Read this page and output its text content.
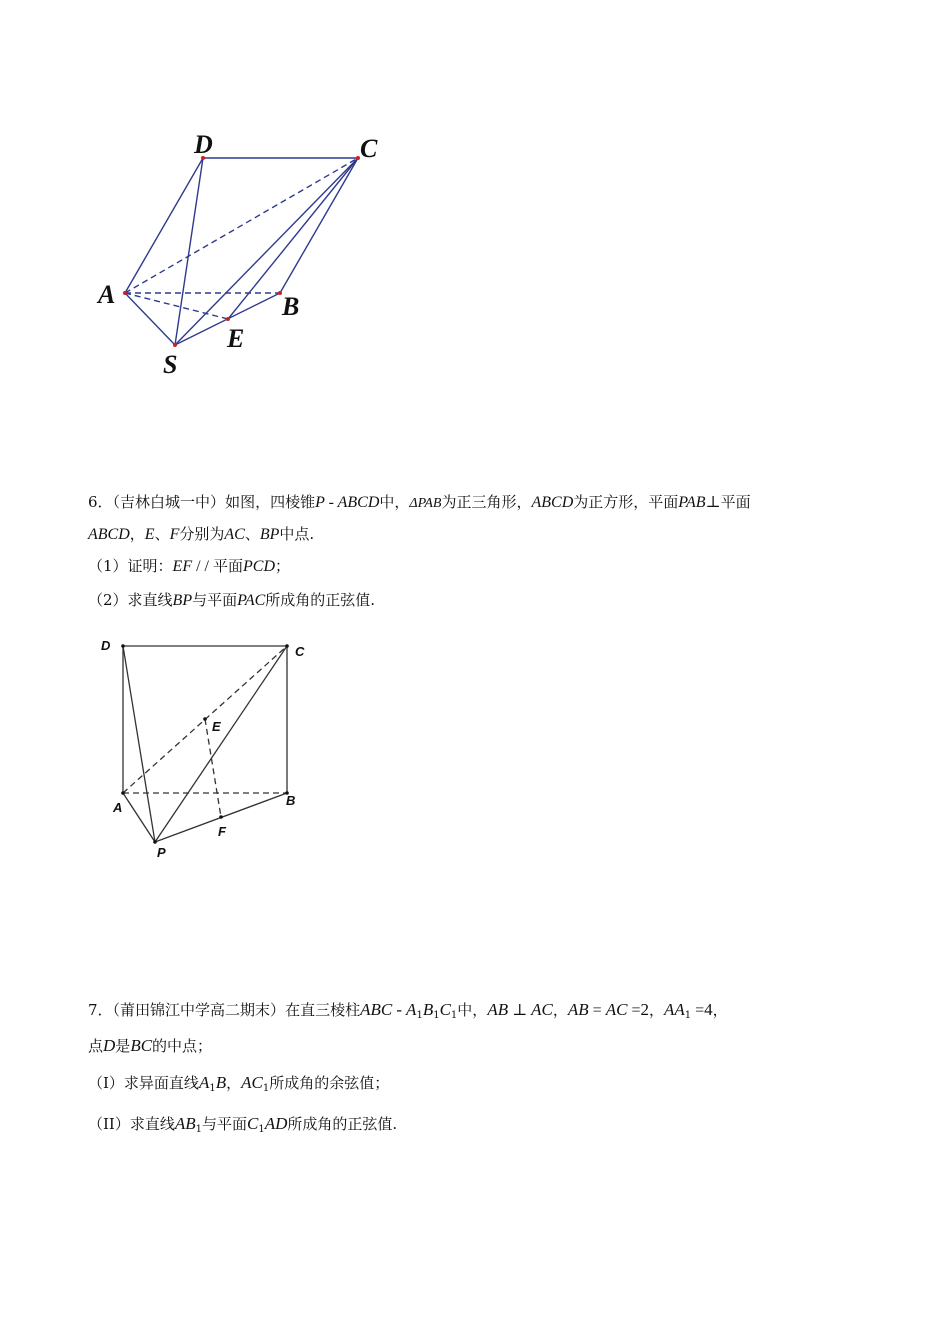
D	C
A	B
E
S
6．（吉林白城一中）如图，四棱锥P - ABCD中，ΔPAB为正三角形，ABCD为正方形，平面PAB⊥平面
ABCD，E、F分别为AC、BP中点.
（1）证明：EF / / 平面PCD；
（2）求直线BP与平面PAC所成角的正弦值.
D	C
E
A	B
F
P
7．（莆田锦江中学高二期末）在直三棱柱ABC - $A_1B_1C_1$中，AB ⊥ AC，AB = AC =2，$AA_1 =4$，
点D是BC的中点；
（I）求异面直线$A_1B$，$AC_1$所成角的余弦值；
（II）求直线$AB_1$与平面$C_1AD$所成角的正弦值.
